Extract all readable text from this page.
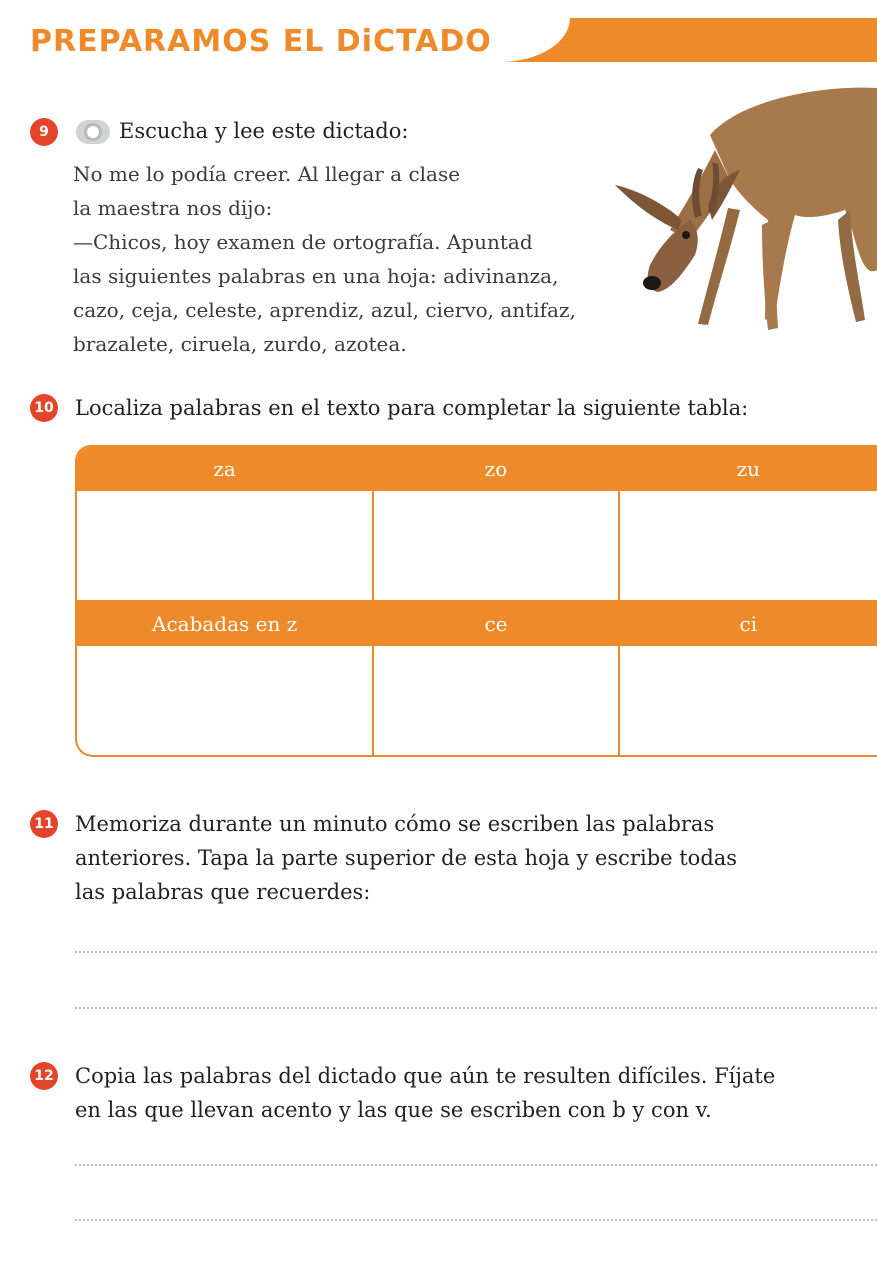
PREPARAMOS EL DiCTADO
9	Escucha y lee este dictado:
No me lo podía creer. Al llegar a clase
la maestra nos dijo:
—Chicos, hoy examen de ortografía. Apuntad
las siguientes palabras en una hoja: adivinanza,
cazo, ceja, celeste, aprendiz, azul, ciervo, antifaz,
brazalete, ciruela, zurdo, azotea.
10 Localiza palabras en el texto para completar la siguiente tabla:
za	zo	zu
Acabadas en z	ce	ci
11 Memoriza durante un minuto cómo se escriben las palabras
anteriores. Tapa la parte superior de esta hoja y escribe todas
las palabras que recuerdes:
12 Copia las palabras del dictado que aún te resulten difíciles. Fíjate
en las que llevan acento y las que se escriben con b y con v.
